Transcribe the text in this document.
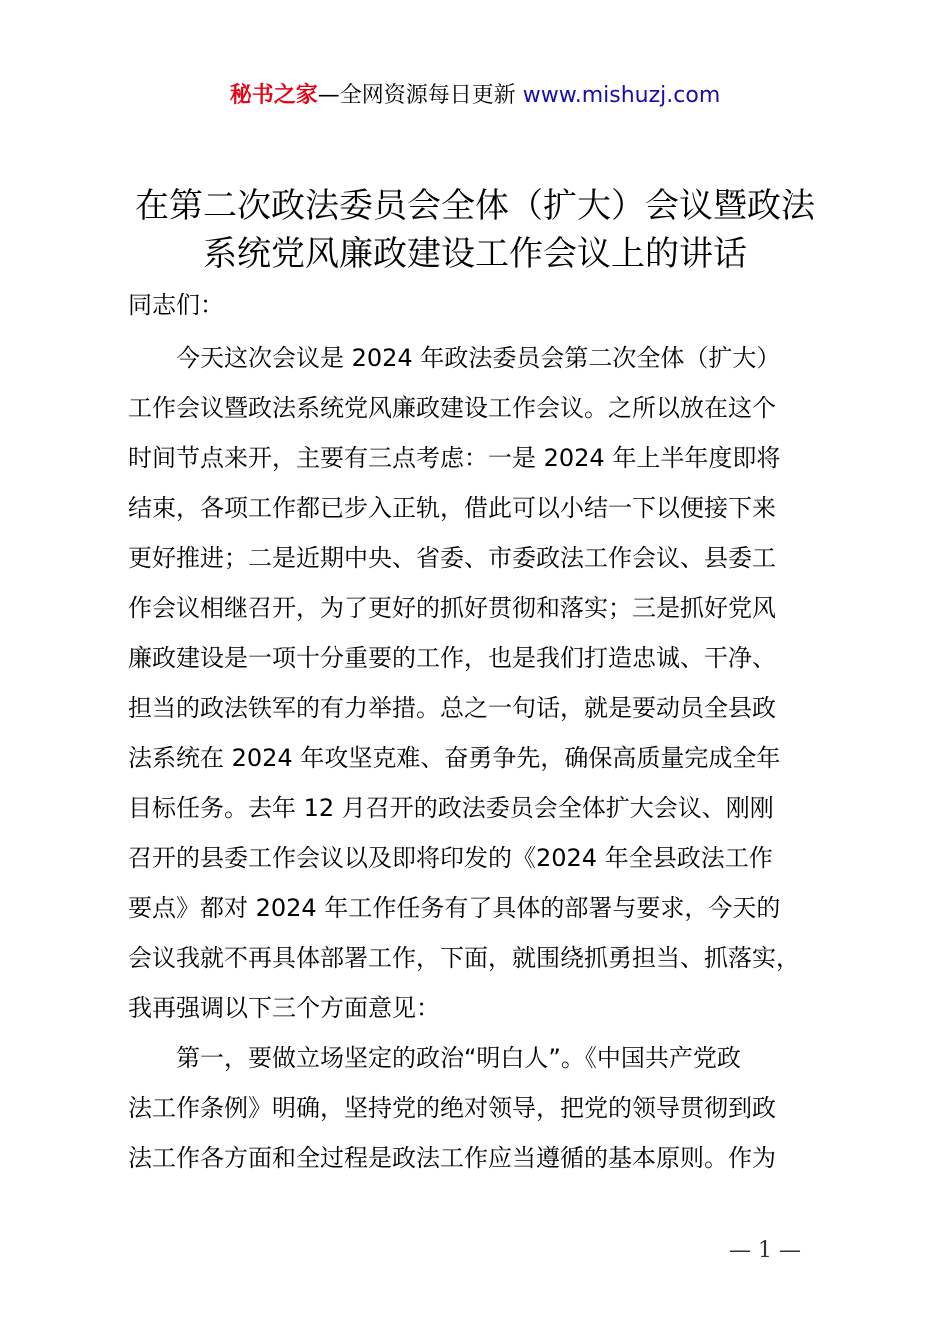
秘书之家—全网资源每日更新 www.mishuzj.com
在第二次政法委员会全体（扩大）会议暨政法
系统党风廉政建设工作会议上的讲话
同志们：
今天这次会议是 2024 年政法委员会第二次全体（扩大）
工作会议暨政法系统党风廉政建设工作会议。之所以放在这个
时间节点来开，主要有三点考虑：一是 2024 年上半年度即将
结束，各项工作都已步入正轨，借此可以小结一下以便接下来
更好推进；二是近期中央、省委、市委政法工作会议、县委工
作会议相继召开，为了更好的抓好贯彻和落实；三是抓好党风
廉政建设是一项十分重要的工作，也是我们打造忠诚、干净、
担当的政法铁军的有力举措。总之一句话，就是要动员全县政
法系统在 2024 年攻坚克难、奋勇争先，确保高质量完成全年
目标任务。去年 12 月召开的政法委员会全体扩大会议、刚刚
召开的县委工作会议以及即将印发的《2024 年全县政法工作
要点》都对 2024 年工作任务有了具体的部署与要求，今天的
会议我就不再具体部署工作，下面，就围绕抓勇担当、抓落实，
我再强调以下三个方面意见：
第一，要做立场坚定的政治“明白人”。《中国共产党政
法工作条例》明确，坚持党的绝对领导，把党的领导贯彻到政
法工作各方面和全过程是政法工作应当遵循的基本原则。作为
— 1 —
